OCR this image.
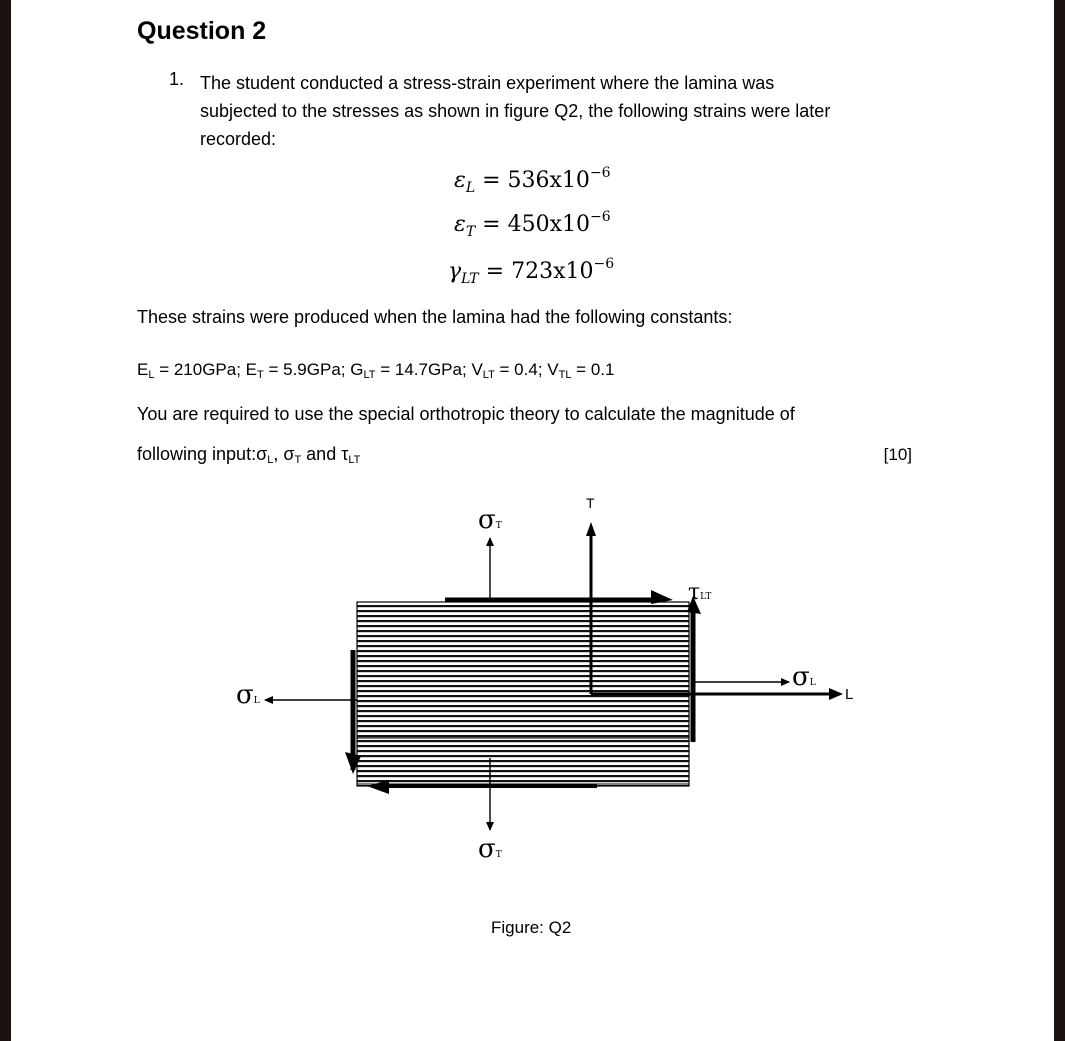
Question 2
1. The student conducted a stress-strain experiment where the lamina was
subjected to the stresses as shown in figure Q2, the following strains were later
recorded:
$\varepsilon_L = 536x10^{-6}$
$\varepsilon_T = 450x10^{-6}$
$\gamma_{LT} = 723x10^{-6}$
These strains were produced when the lamina had the following constants:
EL = 210GPa; ET = 5.9GPa; GLT = 14.7GPa; VLT = 0.4; VTL = 0.1
You are required to use the special orthotropic theory to calculate the magnitude of
following input:σL, σT and τLT	[10]
σT
T
τLT
σL
L
σL
σT
Figure: Q2
